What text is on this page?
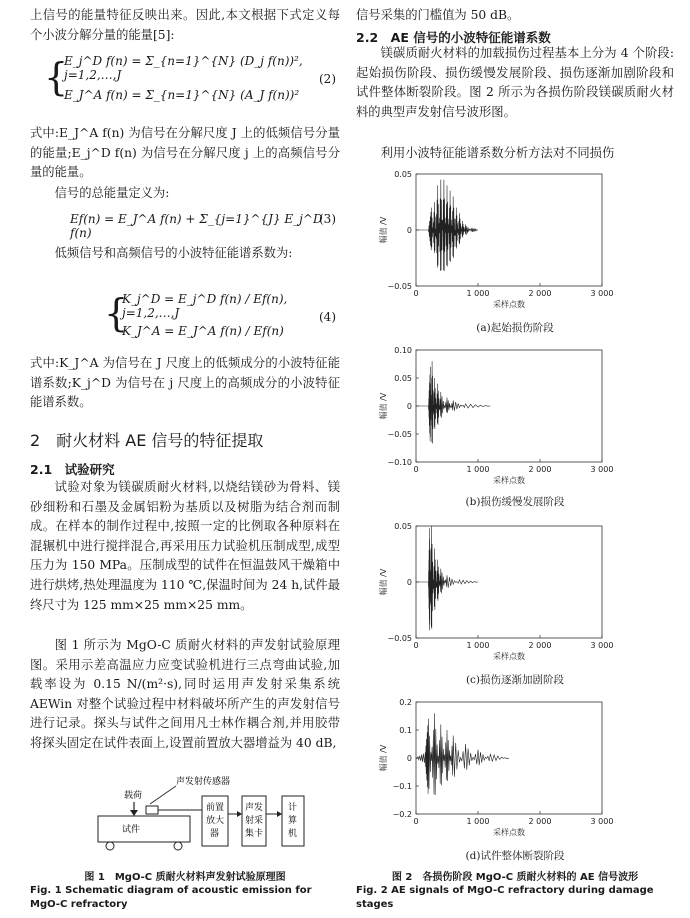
上信号的能量特征反映出来。因此,本文根据下式定义每个小波分解分量的能量[5]:

{
E_j^D f(n) = Σ_{n=1}^{N} (D_j f(n))², j=1,2,…,J
E_J^A f(n) = Σ_{n=1}^{N} (A_J f(n))²
(2)

式中:E_J^A f(n) 为信号在分解尺度 J 上的低频信号分量的能量;E_j^D f(n) 为信号在分解尺度 j 上的高频信号分量的能量。

信号的总能量定义为:

Ef(n) = E_J^A f(n) + Σ_{j=1}^{J} E_j^D f(n)
(3)

低频信号和高频信号的小波特征能谱系数为:

{
K_j^D = E_j^D f(n) / Ef(n), j=1,2,…,J
K_J^A = E_J^A f(n) / Ef(n)
(4)

式中:K_J^A 为信号在 J 尺度上的低频成分的小波特征能谱系数;K_j^D 为信号在 j 尺度上的高频成分的小波特征能谱系数。

2　耐火材料 AE 信号的特征提取
2.1　试验研究

试验对象为镁碳质耐火材料,以烧结镁砂为骨料、镁砂细粉和石墨及金属铝粉为基质以及树脂为结合剂而制成。在样本的制作过程中,按照一定的比例取各种原料在混辗机中进行搅拌混合,再采用压力试验机压制成型,成型压力为 150 MPa。压制成型的试件在恒温鼓风干燥箱中进行烘烤,热处理温度为 110 ℃,保温时间为 24 h,试件最终尺寸为 125 mm×25 mm×25 mm。

图 1 所示为 MgO-C 质耐火材料的声发射试验原理图。采用示差高温应力应变试验机进行三点弯曲试验,加载率设为 0.15 N/(m²·s),同时运用声发射采集系统 AEWin 对整个试验过程中材料破坏所产生的声发射信号进行记录。探头与试件之间用凡士林作耦合剂,并用胶带将探头固定在试件表面上,设置前置放大器增益为 40 dB,

声发射传感器
载荷
试件
前置
放大
器
声发
射采
集卡
计
算
机
图 1　MgO-C 质耐火材料声发射试验原理图
Fig. 1 Schematic diagram of acoustic emission for MgO-C refractory

信号采集的门槛值为 50 dB。

2.2　AE 信号的小波特征能谱系数

镁碳质耐火材料的加载损伤过程基本上分为 4 个阶段:起始损伤阶段、损伤缓慢发展阶段、损伤逐渐加剧阶段和试件整体断裂阶段。图 2 所示为各损伤阶段镁碳质耐火材料的典型声发射信号波形图。

利用小波特征能谱系数分析方法对不同损伤

0	1 000	2 000	3 000
0.05
0
−0.05
采样点数
幅值 /V
0	1 000	2 000	3 000
0.10
0.05
0
−0.05
−0.10
采样点数
幅值 /V
0	1 000	2 000	3 000
0.05
0
−0.05
采样点数
幅值 /V
0	1 000	2 000	3 000
0.2
0.1
0
−0.1
−0.2
采样点数
幅值 /V
(a)起始损伤阶段
(b)损伤缓慢发展阶段
(c)损伤逐渐加剧阶段
(d)试件整体断裂阶段
图 2　各损伤阶段 MgO-C 质耐火材料的 AE 信号波形
Fig. 2 AE signals of MgO-C refractory during damage stages
